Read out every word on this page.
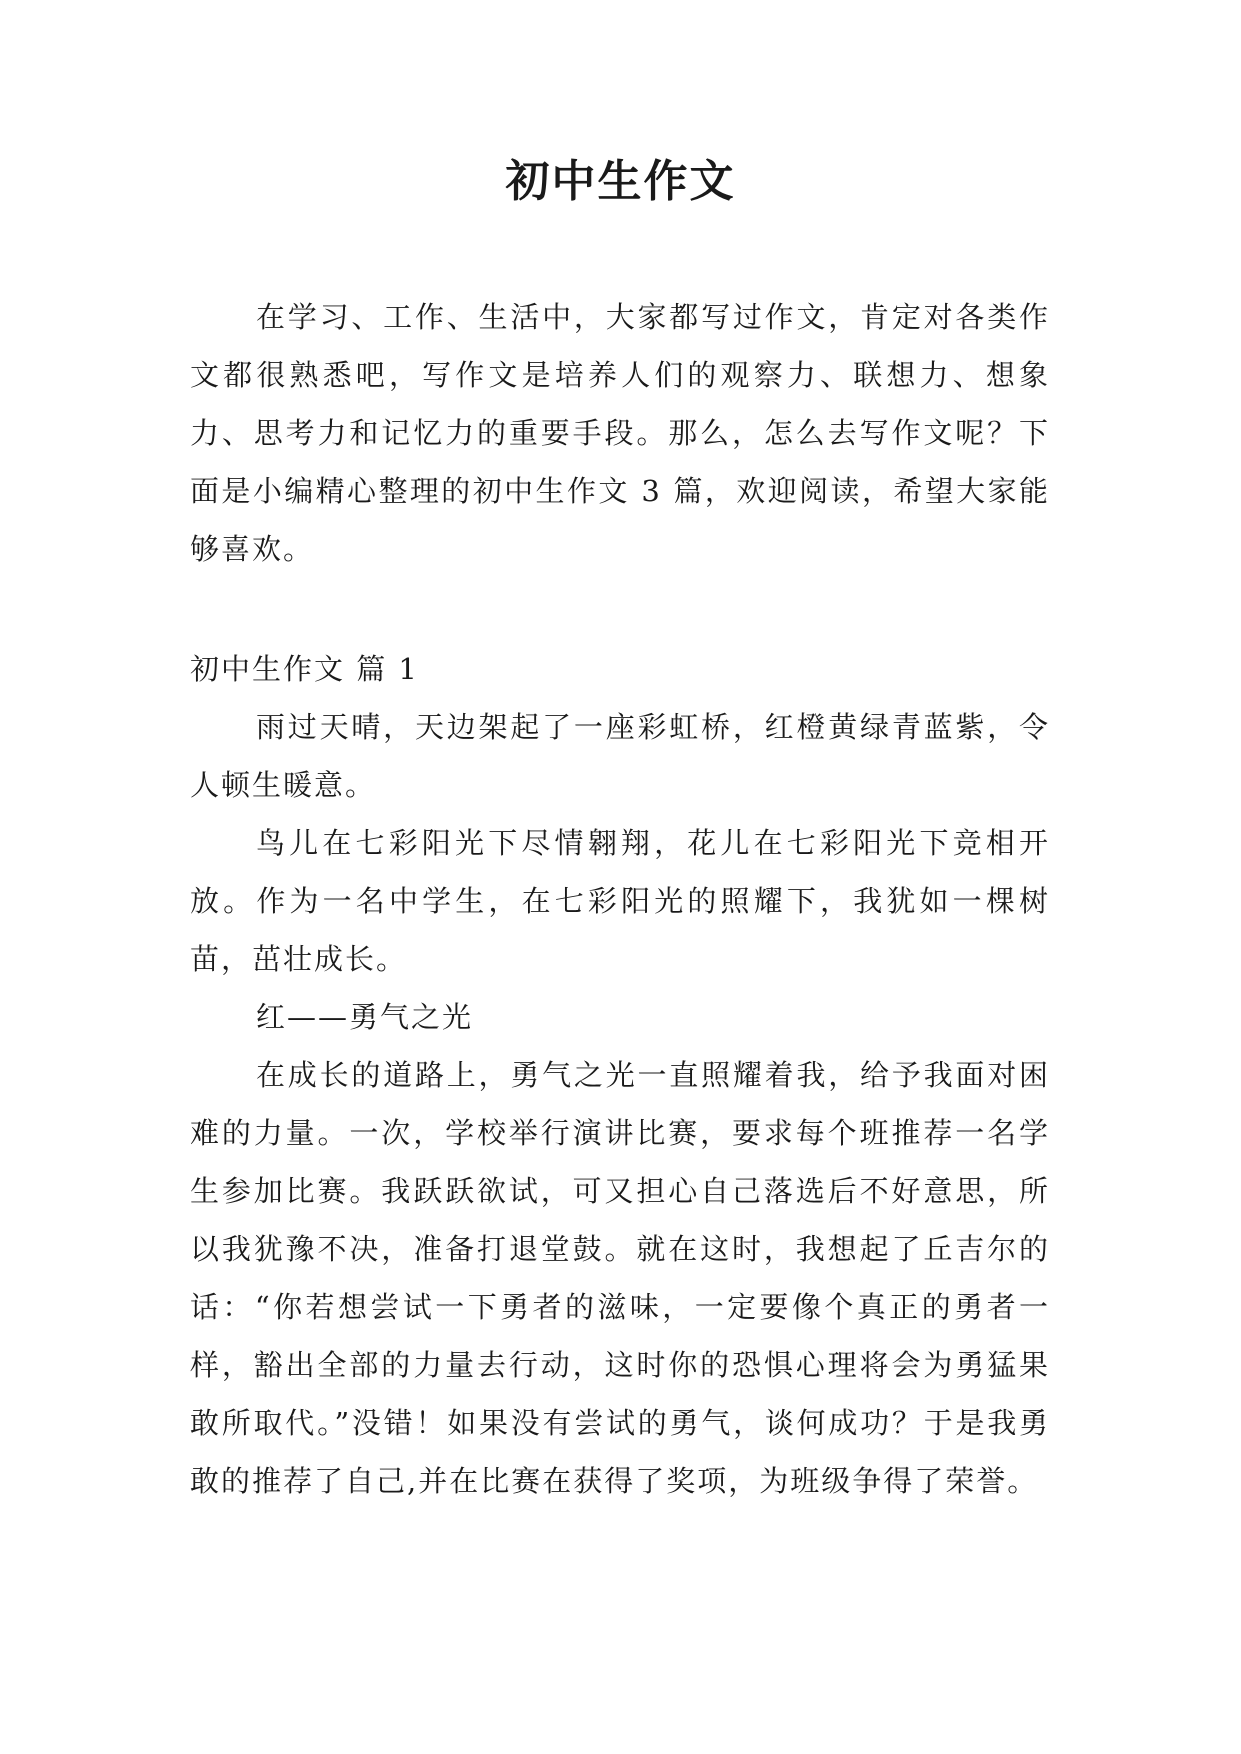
初中生作文

在学习、工作、生活中，大家都写过作文，肯定对各类作文都很熟悉吧，写作文是培养人们的观察力、联想力、想象力、思考力和记忆力的重要手段。那么，怎么去写作文呢？下面是小编精心整理的初中生作文 3 篇，欢迎阅读，希望大家能够喜欢。

初中生作文 篇 1

雨过天晴，天边架起了一座彩虹桥，红橙黄绿青蓝紫，令人顿生暖意。

鸟儿在七彩阳光下尽情翱翔，花儿在七彩阳光下竞相开放。作为一名中学生，在七彩阳光的照耀下，我犹如一棵树苗，茁壮成长。

红——勇气之光

在成长的道路上，勇气之光一直照耀着我，给予我面对困难的力量。一次，学校举行演讲比赛，要求每个班推荐一名学生参加比赛。我跃跃欲试，可又担心自己落选后不好意思，所以我犹豫不决，准备打退堂鼓。就在这时，我想起了丘吉尔的话：“你若想尝试一下勇者的滋味，一定要像个真正的勇者一样，豁出全部的力量去行动，这时你的恐惧心理将会为勇猛果敢所取代。”没错！如果没有尝试的勇气，谈何成功？于是我勇敢的推荐了自己,并在比赛在获得了奖项，为班级争得了荣誉。
